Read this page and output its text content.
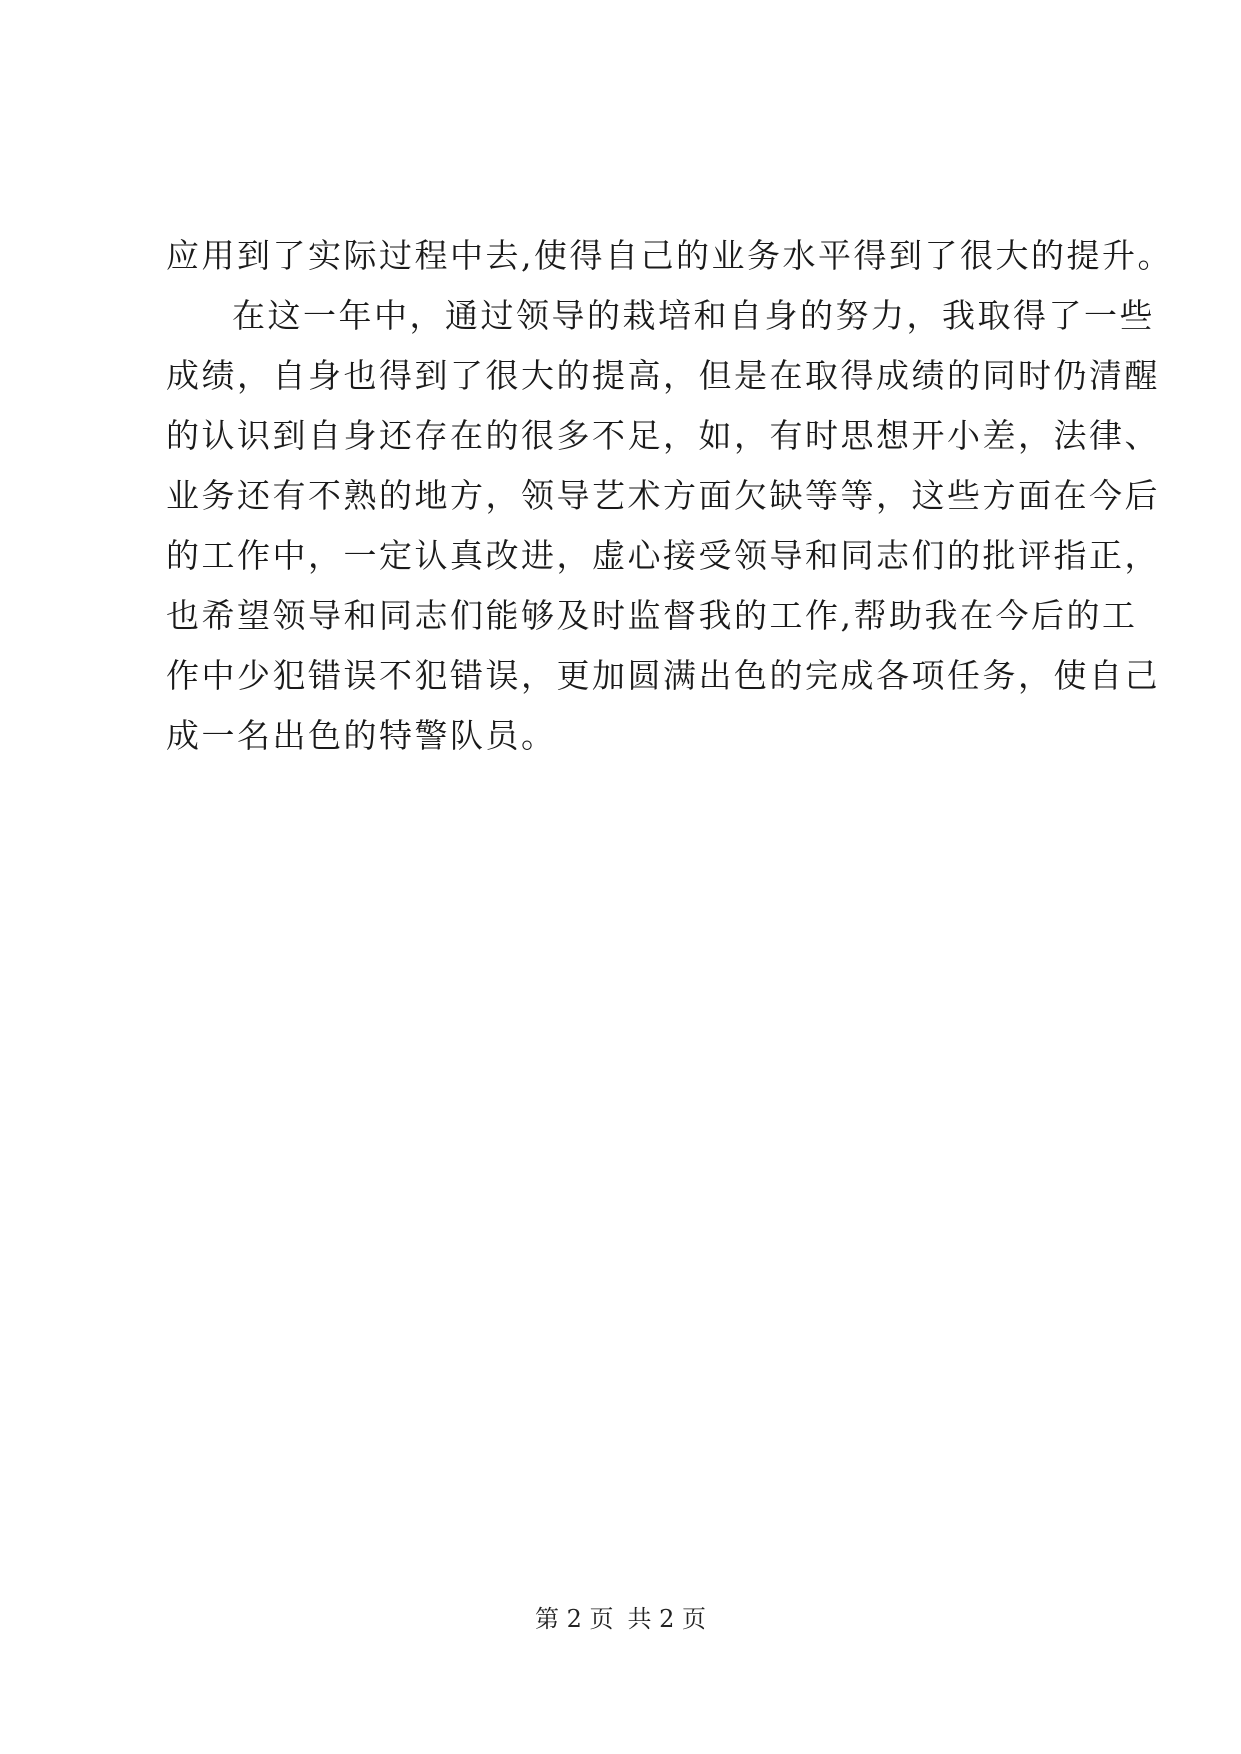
应用到了实际过程中去,使得自己的业务水平得到了很大的提升。
在这一年中，通过领导的栽培和自身的努力，我取得了一些
成绩，自身也得到了很大的提高，但是在取得成绩的同时仍清醒
的认识到自身还存在的很多不足，如，有时思想开小差，法律、
业务还有不熟的地方，领导艺术方面欠缺等等，这些方面在今后
的工作中，一定认真改进，虚心接受领导和同志们的批评指正，
也希望领导和同志们能够及时监督我的工作,帮助我在今后的工
作中少犯错误不犯错误，更加圆满出色的完成各项任务，使自己
成一名出色的特警队员。
第 2 页 共 2 页
